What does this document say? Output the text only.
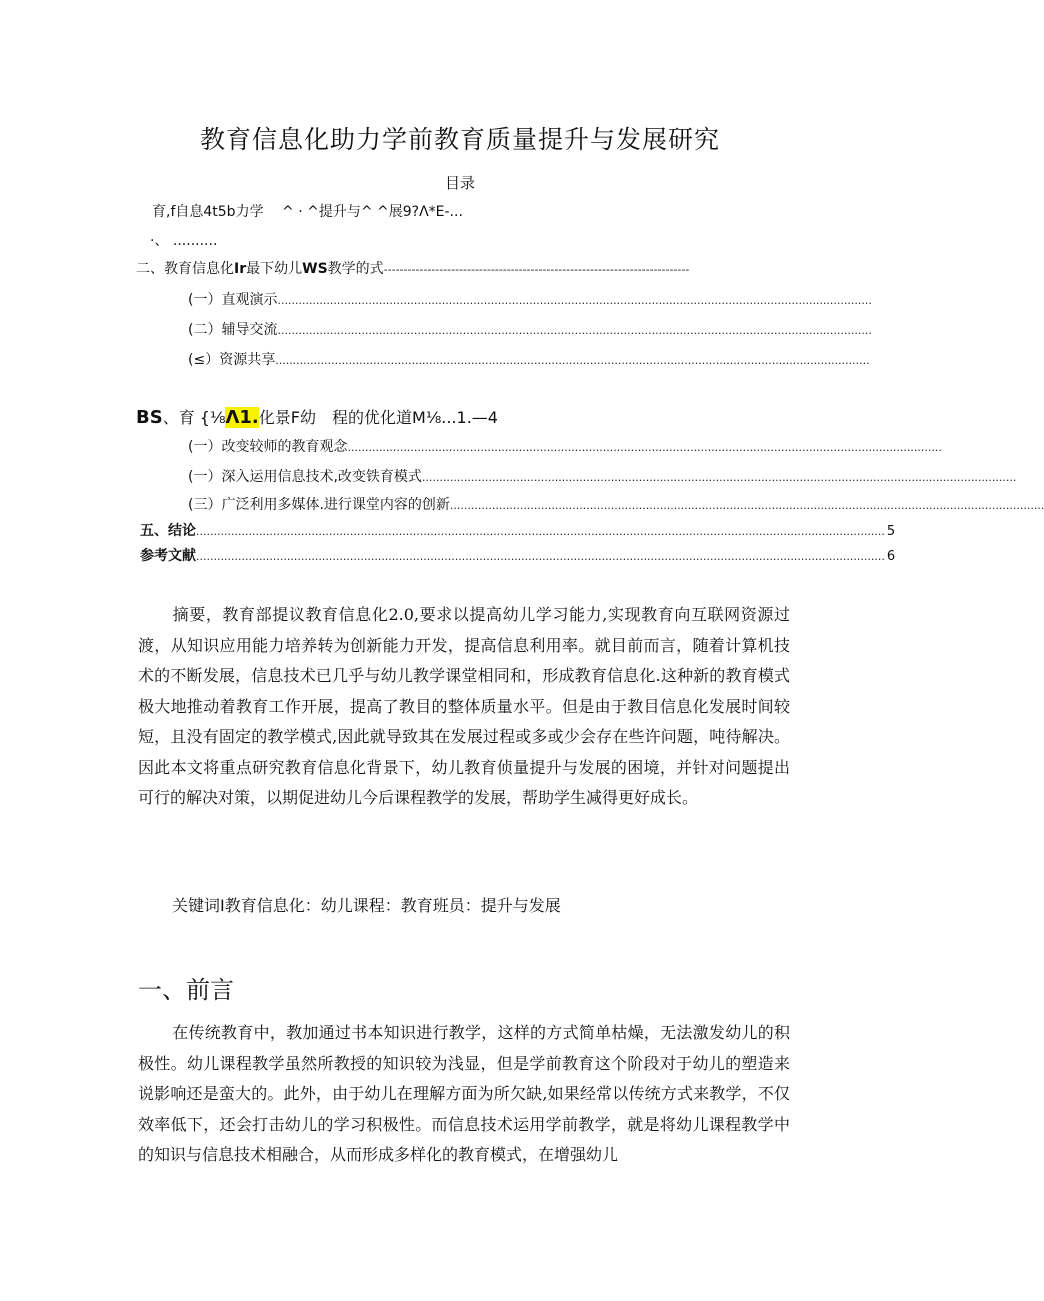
教育信息化助力学前教育质量提升与发展研究
目录
育,f自息4t5b力学　 ^ · ^提升与^ ^展9?Λ*E-...
·、 ..........
二、教育信息化Ir最下幼儿WS教学的式 -----------------------------------------------------------------------------
(一）直观演示 ..........................................................................................................................................................................
(二）辅导交流 ..........................................................................................................................................................................
(≤）资源共享 ..........................................................................................................................................................................
BS、育 {⅛Λ1.化景F幼　程的优化道M⅛...1.—4
(一）改变较师的教育观念 ..........................................................................................................................................................................
(一）深入运用信息技术,改变铁育模式 ..........................................................................................................................................................................
(三）广泛利用多媒体.进行课堂内容的创新 ..........................................................................................................................................................................
五、结论 ..................................................................................................................................................................................................... 5
参考文献 ..................................................................................................................................................................................................... 6
摘要，教育部提议教育信息化2.0,要求以提高幼儿学习能力,实现教育向互联网资源过渡，从知识应用能力培养转为创新能力开发，提高信息利用率。就目前而言，随着计算机技术的不断发展，信息技术已几乎与幼儿教学课堂相同和，形成教育信息化.这种新的教育模式极大地推动着教育工作开展，提高了教目的整体质量水平。但是由于教目信息化发展时间较短，且没有固定的教学模式,因此就导致其在发展过程或多或少会存在些许问题，吨待解决。因此本文将重点研究教育信息化背景下，幼儿教育侦量提升与发展的困境，并针对问题提出可行的解决对策，以期促进幼儿今后课程教学的发展，帮助学生减得更好成长。
关键词I教育信息化：幼儿课程：教育班员：提升与发展
一、前言
在传统教育中，教加通过书本知识进行教学，这样的方式简单枯燥，无法激发幼儿的积极性。幼儿课程教学虽然所教授的知识较为浅显，但是学前教育这个阶段对于幼儿的塑造来说影响还是蛮大的。此外，由于幼儿在理解方面为所欠缺,如果经常以传统方式来教学，不仅效率低下，还会打击幼儿的学习积极性。而信息技术运用学前教学，就是将幼儿课程教学中的知识与信息技术相融合，从而形成多样化的教育模式，在增强幼儿
